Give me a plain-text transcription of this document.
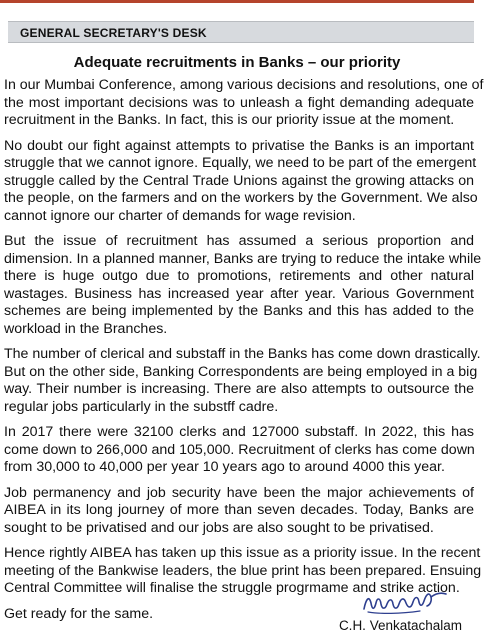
GENERAL SECRETARY'S DESK
Adequate recruitments in Banks – our priority
In our Mumbai Conference, among various decisions and resolutions, one of
the most important decisions was to unleash a fight demanding adequate
recruitment in the Banks. In fact, this is our priority issue at the moment.
No doubt our fight against attempts to privatise the Banks is an important
struggle that we cannot ignore. Equally, we need to be part of the emergent
struggle called by the Central Trade Unions against the growing attacks on
the people, on the farmers and on the workers by the Government. We also
cannot ignore our charter of demands for wage revision.
But the issue of recruitment has assumed a serious proportion and
dimension. In a planned manner, Banks are trying to reduce the intake while
there is huge outgo due to promotions, retirements and other natural
wastages. Business has increased year after year. Various Government
schemes are being implemented by the Banks and this has added to the
workload in the Branches.
The number of clerical and substaff in the Banks has come down drastically.
But on the other side, Banking Correspondents are being employed in a big
way. Their number is increasing. There are also attempts to outsource the
regular jobs particularly in the substff cadre.
In 2017 there were 32100 clerks and 127000 substaff. In 2022, this has
come down to 266,000 and 105,000. Recruitment of clerks has come down
from 30,000 to 40,000 per year 10 years ago to around 4000 this year.
Job permanency and job security have been the major achievements of
AIBEA in its long journey of more than seven decades. Today, Banks are
sought to be privatised and our jobs are also sought to be privatised.
Hence rightly AIBEA has taken up this issue as a priority issue. In the recent
meeting of the Bankwise leaders, the blue print has been prepared. Ensuing
Central Committee will finalise the struggle progrmame and strike action.
Get ready for the same.
C.H. Venkatachalam
